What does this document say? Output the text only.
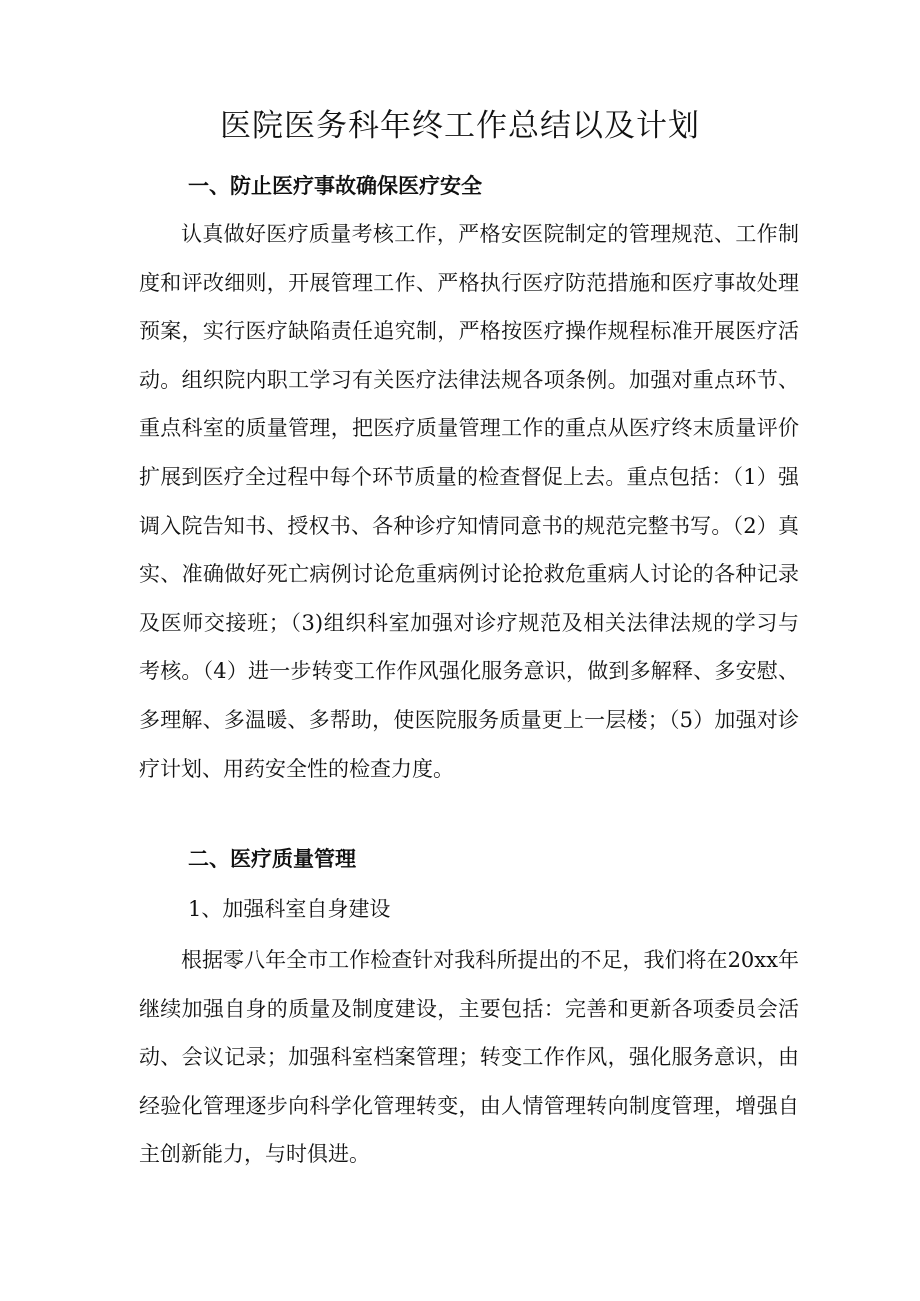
医院医务科年终工作总结以及计划
一、防止医疗事故确保医疗安全

认真做好医疗质量考核工作，严格安医院制定的管理规范、工作制度和评改细则，开展管理工作、严格执行医疗防范措施和医疗事故处理预案，实行医疗缺陷责任追究制，严格按医疗操作规程标准开展医疗活动。组织院内职工学习有关医疗法律法规各项条例。加强对重点环节、重点科室的质量管理，把医疗质量管理工作的重点从医疗终末质量评价扩展到医疗全过程中每个环节质量的检查督促上去。重点包括：（1）强调入院告知书、授权书、各种诊疗知情同意书的规范完整书写。（2）真实、准确做好死亡病例讨论危重病例讨论抢救危重病人讨论的各种记录及医师交接班；（3)组织科室加强对诊疗规范及相关法律法规的学习与考核。（4）进一步转变工作作风强化服务意识，做到多解释、多安慰、多理解、多温暖、多帮助，使医院服务质量更上一层楼；（5）加强对诊疗计划、用药安全性的检查力度。

二、医疗质量管理

1、加强科室自身建设

根据零八年全市工作检查针对我科所提出的不足，我们将在20xx年继续加强自身的质量及制度建设，主要包括：完善和更新各项委员会活动、会议记录；加强科室档案管理；转变工作作风，强化服务意识，由经验化管理逐步向科学化管理转变，由人情管理转向制度管理，增强自主创新能力，与时俱进。
